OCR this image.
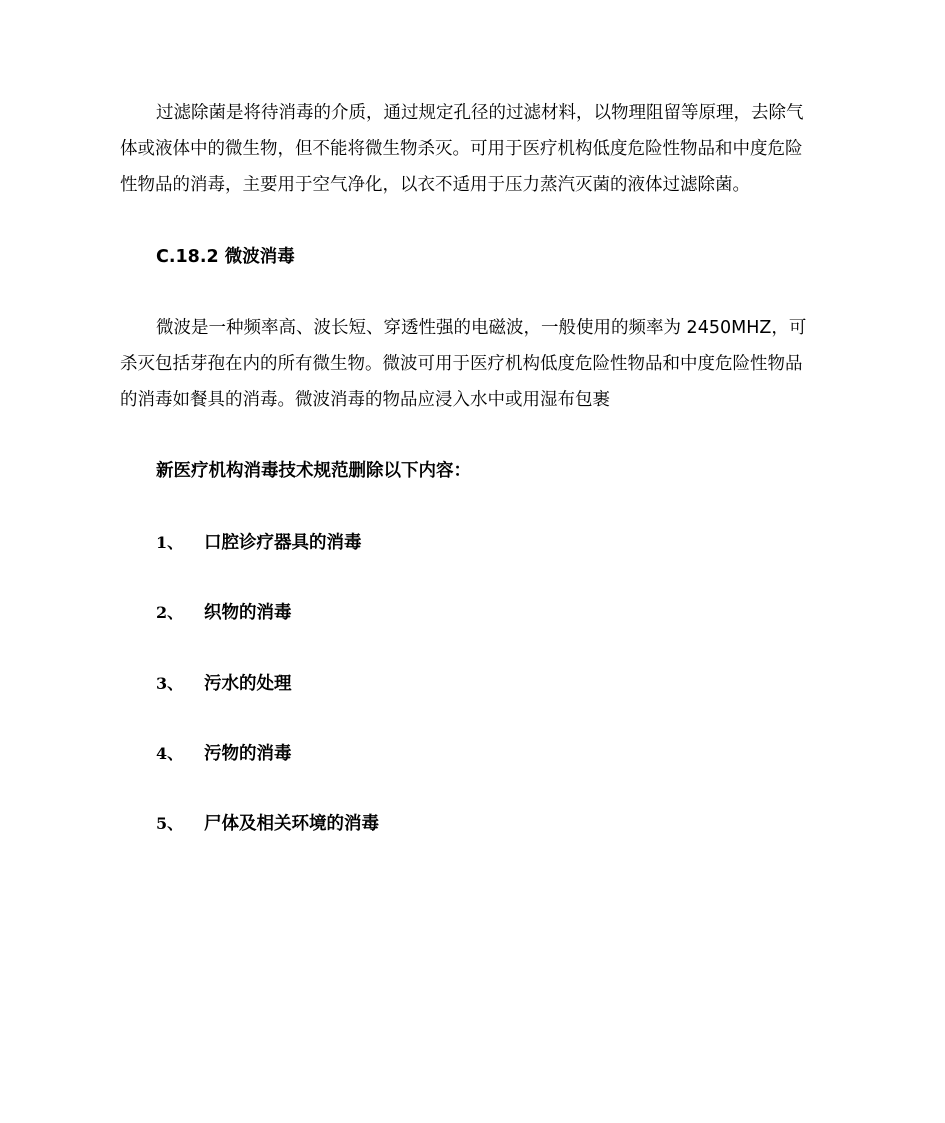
过滤除菌是将待消毒的介质，通过规定孔径的过滤材料，以物理阻留等原理，去除气
体或液体中的微生物，但不能将微生物杀灭。可用于医疗机构低度危险性物品和中度危险
性物品的消毒，主要用于空气净化，以衣不适用于压力蒸汽灭菌的液体过滤除菌。

C.18.2 微波消毒

微波是一种频率高、波长短、穿透性强的电磁波，一般使用的频率为 2450MHZ，可
杀灭包括芽孢在内的所有微生物。微波可用于医疗机构低度危险性物品和中度危险性物品
的消毒如餐具的消毒。微波消毒的物品应浸入水中或用湿布包裹

新医疗机构消毒技术规范删除以下内容：
1、 口腔诊疗器具的消毒
2、 织物的消毒
3、 污水的处理
4、 污物的消毒
5、 尸体及相关环境的消毒
